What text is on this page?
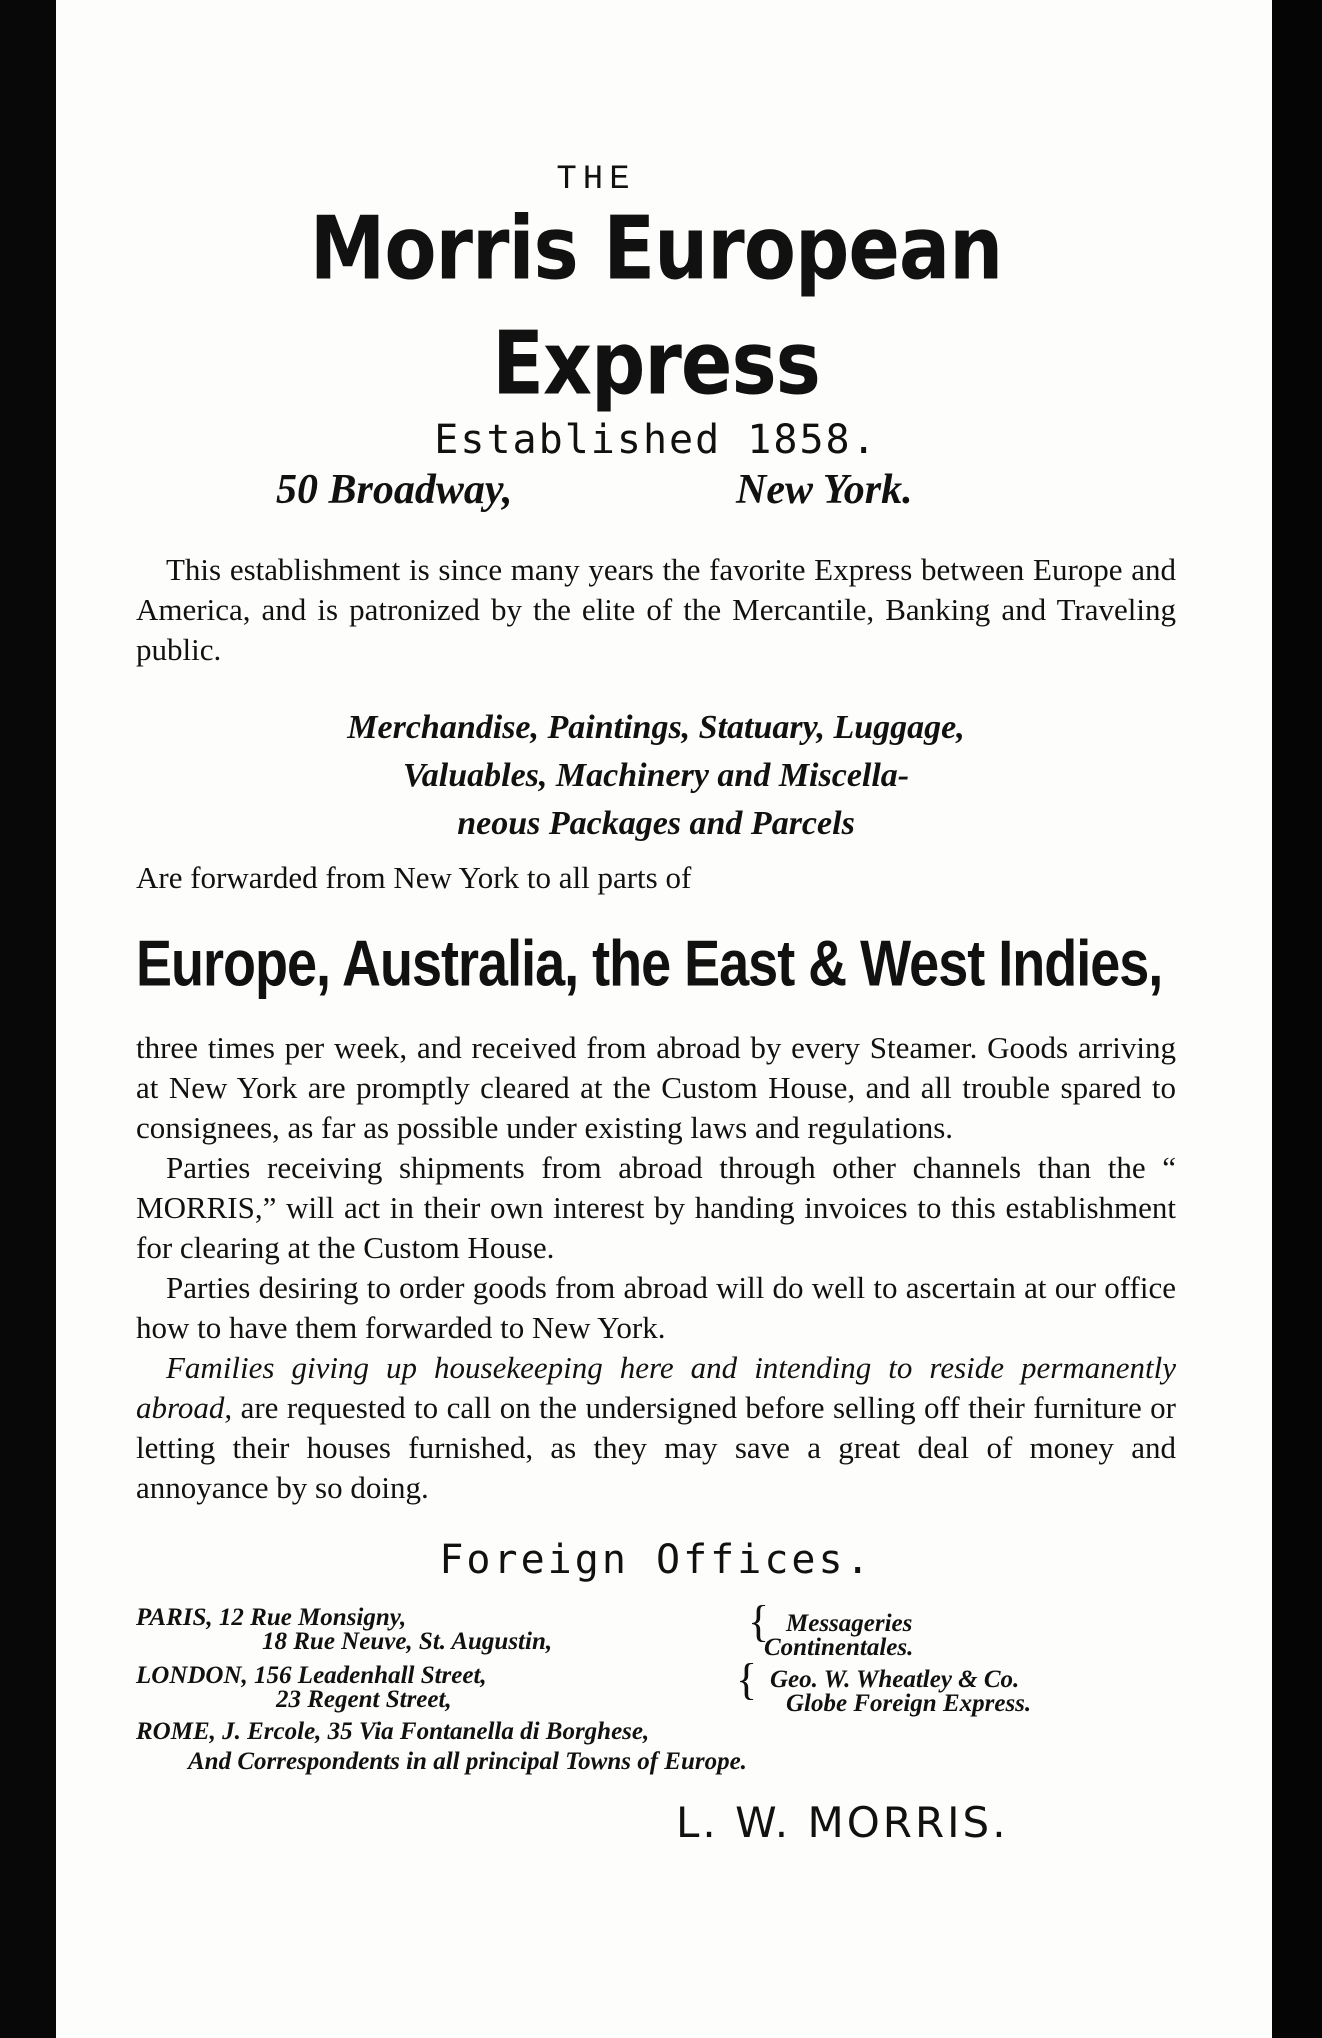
THE
Morris European Express
Established 1858.
50 Broadway,	New York.

This establishment is since many years the favorite Express between Europe and America, and is patronized by the elite of the Mercantile, Banking and Traveling public.

Merchandise, Paintings, Statuary, Luggage,
Valuables, Machinery and Miscella-
neous Packages and Parcels
Are forwarded from New York to all parts of
Europe, Australia, the East & West Indies,

three times per week, and received from abroad by every Steamer. Goods arriving at New York are promptly cleared at the Custom House, and all trouble spared to consignees, as far as possible under existing laws and regulations.

Parties receiving shipments from abroad through other channels than the “ MORRIS,” will act in their own interest by handing invoices to this establishment for clearing at the Custom House.

Parties desiring to order goods from abroad will do well to ascertain at our office how to have them forwarded to New York.

Families giving up housekeeping here and intending to reside permanently abroad, are requested to call on the undersigned before selling off their furniture or letting their houses furnished, as they may save a great deal of money and annoyance by so doing.

Foreign Offices.
PARIS, 12 Rue Monsigny,
18 Rue Neuve, St. Augustin,	{ Messageries
Continentales.
LONDON, 156 Leadenhall Street,
23 Regent Street,	{ Geo. W. Wheatley & Co.
Globe Foreign Express.
ROME, J. Ercole, 35 Via Fontanella di Borghese,
And Correspondents in all principal Towns of Europe.
L. W. MORRIS.
